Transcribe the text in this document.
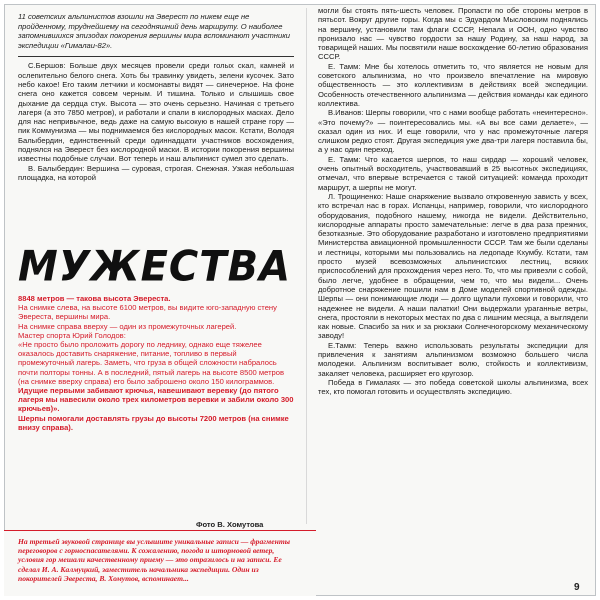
11 советских альпинистов взошли на Эверест по никем еще не пройденному, труднейшему на сегодняшний день маршруту. О наиболее запомнившихся эпизодах покорения вершины мира вспоминают участники экспедиции «Гималаи-82».

С.Бершов: Больше двух месяцев провели среди голых скал, камней и ослепительно белого снега. Хоть бы травинку увидеть, зелени кусочек. Зато небо какое! Его таким летчики и космонавты видят — синечерное. На фоне снега оно кажется совсем черным. И тишина. Только и слышишь свое дыхание да сердца стук. Высота — это очень серьезно. Начиная с третьего лагеря (а это 7850 метров), и работали и спали в кислородных масках. Дело для нас непривычное, ведь даже на самую высокую в нашей стране гору — пик Коммунизма — мы поднимаемся без кислородных масок. Кстати, Володя Балыбердин, единственный среди одиннадцати участников восхождения, поднялся на Эверест без кислородной маски. В истории покорения вершины известны подобные случаи. Вот теперь и наш альпинист сумел это сделать.

В. Балыбердин: Вершина — суровая, строгая. Снежная. Узкая небольшая площадка, на которой

МУЖЕСТВА

8848 метров — такова высота Эвереста.

На снимке слева, на высоте 6100 метров, вы видите юго-западную стену Эвереста, вершины мира.

На снимке справа вверху — один из промежуточных лагерей.

Мастер спорта Юрий Голодов:

«Не просто было проложить дорогу по леднику, однако еще тяжелее оказалось доставить снаряжение, питание, топливо в первый промежуточный лагерь. Заметь, что груза в общей сложности набралось почти полторы тонны. А в последний, пятый лагерь на высоте 8500 метров (на снимке вверху справа) его было заброшено около 150 килограммов.

Идущие первыми забивают крючья, навешивают веревку (до пятого лагеря мы навесили около трех километров веревки и забили около 300 крючьев)».

Шерпы помогали доставлять грузы до высоты 7200 метров (на снимке внизу справа).

Фото В. Хомутова

На третьей звуковой странице вы услышите уникальные записи — фрагменты переговоров с горноспасателями. К сожалению, погода и штормовой ветер, условия гор мешали качественному приему — это отразилось и на записи. Ее сделал И. А. Калмуцкий, заместитель начальника экспедиции. Один из покорителей Эвереста, В. Хомутов, вспоминает...

могли бы стоять пять-шесть человек. Пропасти по обе стороны метров в пятьсот. Вокруг другие горы. Когда мы с Эдуардом Мысловским поднялись на вершину, установили там флаги СССР, Непала и ООН, одно чувство пронизало нас — чувство гордости за нашу Родину, за наш народ, за товарищей наших. Мы посвятили наше восхождение 60-летию образования СССР.

Е. Тамм: Мне бы хотелось отметить то, что является не новым для советского альпинизма, но что произвело впечатление на мировую общественность — это коллективизм в действиях всей экспедиции. Особенность отечественного альпинизма — действия команды как единого коллектива.

В.Иванов: Шерпы говорили, что с нами вообще работать «неинтересно». «Это почему?» — поинтересовались мы. «А вы все сами делаете», — сказал один из них. И еще говорили, что у нас промежуточные лагеря слишком редко стоят. Другая экспедиция уже два-три лагеря поставила бы, а у нас один переход.

Е. Тамм: Что касается шерпов, то наш сирдар — хороший человек, очень опытный восходитель, участвовавший в 25 высотных экспедициях, отмечал, что впервые встречается с такой ситуацией: команда проходит маршрут, а шерпы не могут.

Л. Трощиненко: Наше снаряжение вызвало откровенную зависть у всех, кто встречал нас в горах. Испанцы, например, говорили, что кислородного оборудования, подобного нашему, никогда не видели. Действительно, кислородные аппараты просто замечательные: легче в два раза прежних, безотказные. Это оборудование разработано и изготовлено предприятиями Министерства авиационной промышленности СССР. Там же были сделаны и лестницы, которыми мы пользовались на ледопаде Кхумбу. Кстати, там просто музей всевозможных альпинистских лестниц, всяких приспособлений для прохождения через него. То, что мы привезли с собой, было легче, удобнее в обращении, чем то, что мы видели... Очень добротное снаряжение пошили нам в Доме моделей спортивной одежды. Шерпы — они понимающие люди — долго щупали пуховки и говорили, что надежнее не видели. А наши палатки! Они выдержали ураганные ветры, снега, простояли в некоторых местах по два с лишним месяца, а выглядели как новые. Спасибо за них и за рюкзаки Солнечногорскому механическому заводу!

Е.Тамм: Теперь важно использовать результаты экспедиции для привлечения к занятиям альпинизмом возможно большего числа молодежи. Альпинизм воспитывает волю, стойкость и коллективизм, закаляет человека, расширяет его кругозор.

Победа в Гималаях — это победа советской школы альпинизма, всех тех, кто помогал готовить и осуществлять экспедицию.

9
